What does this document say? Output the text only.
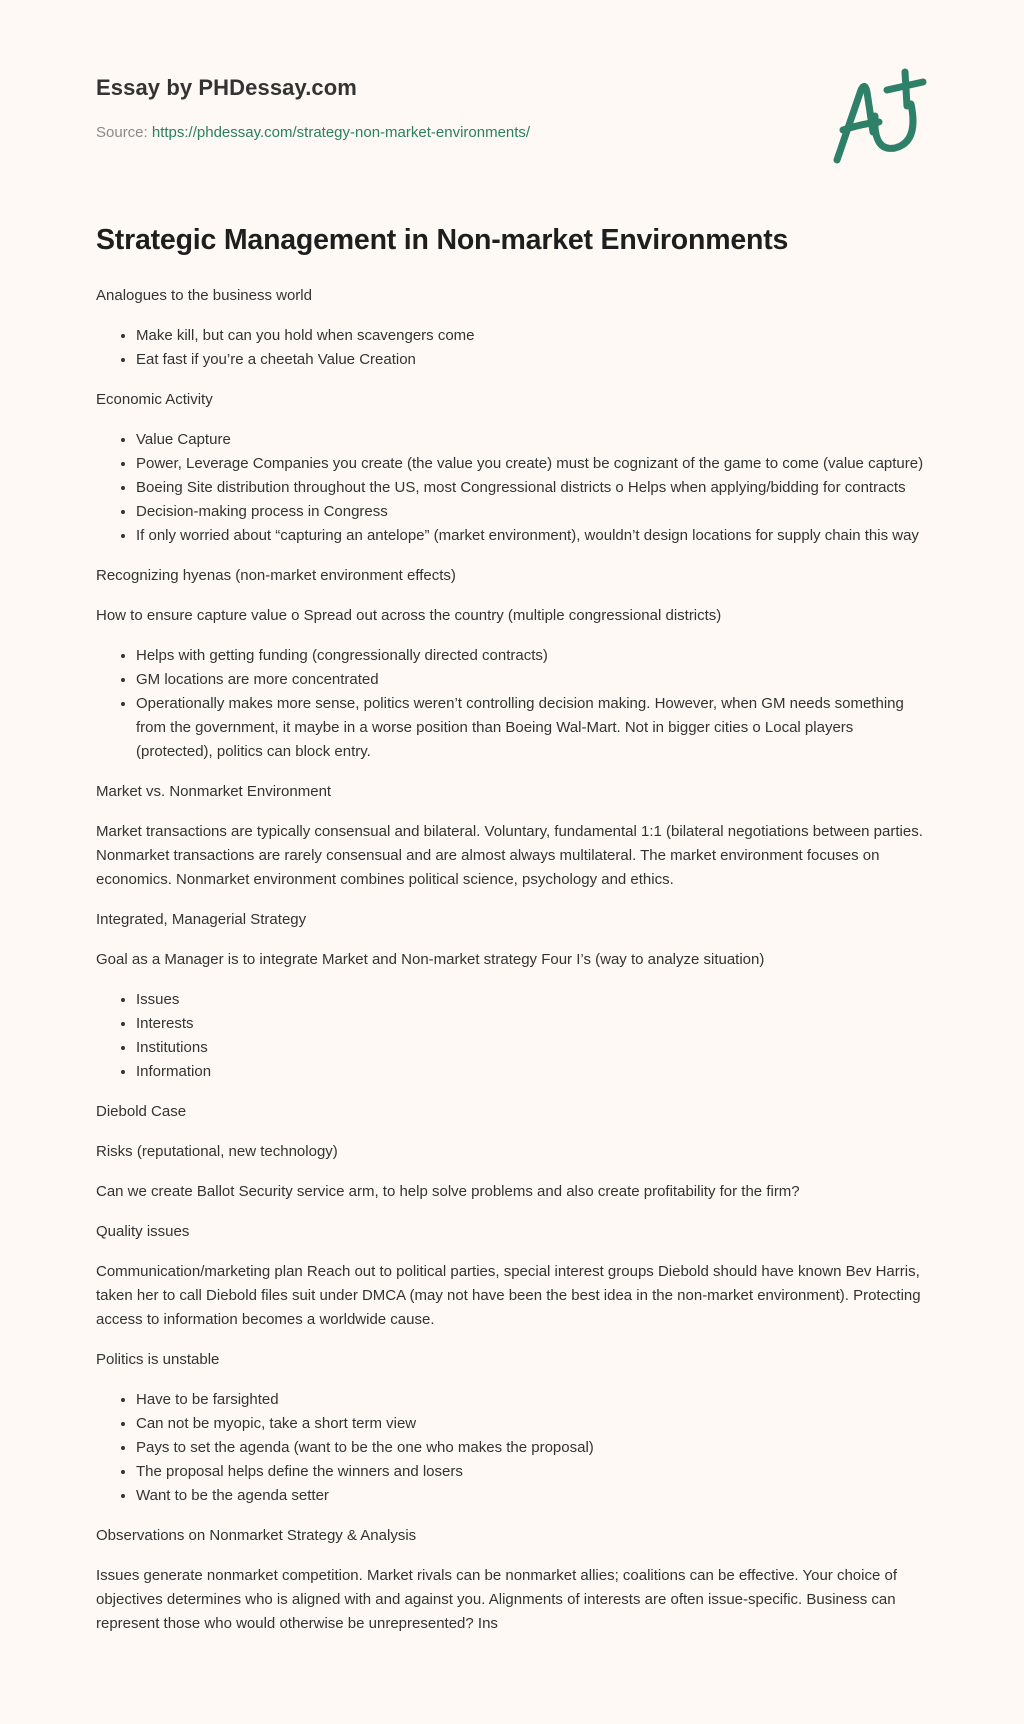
Essay by PHDessay.com
Source: https://phdessay.com/strategy-non-market-environments/
Strategic Management in Non-market Environments

Analogues to the business world

• Make kill, but can you hold when scavengers come
• Eat fast if you’re a cheetah Value Creation

Economic Activity

• Value Capture
• Power, Leverage Companies you create (the value you create) must be cognizant of the game to come (value capture)
• Boeing Site distribution throughout the US, most Congressional districts o Helps when applying/bidding for contracts
• Decision-making process in Congress
• If only worried about “capturing an antelope” (market environment), wouldn’t design locations for supply chain this way

Recognizing hyenas (non-market environment effects)

How to ensure capture value o Spread out across the country (multiple congressional districts)

• Helps with getting funding (congressionally directed contracts)
• GM locations are more concentrated
• Operationally makes more sense, politics weren’t controlling decision making. However, when GM needs something from the government, it maybe in a worse position than Boeing Wal-Mart. Not in bigger cities o Local players (protected), politics can block entry.

Market vs. Nonmarket Environment

Market transactions are typically consensual and bilateral. Voluntary, fundamental 1:1 (bilateral negotiations between parties. Nonmarket transactions are rarely consensual and are almost always multilateral. The market environment focuses on economics. Nonmarket environment combines political science, psychology and ethics.

Integrated, Managerial Strategy

Goal as a Manager is to integrate Market and Non-market strategy Four I’s (way to analyze situation)

• Issues
• Interests
• Institutions
• Information

Diebold Case

Risks (reputational, new technology)

Can we create Ballot Security service arm, to help solve problems and also create profitability for the firm?

Quality issues

Communication/marketing plan Reach out to political parties, special interest groups Diebold should have known Bev Harris, taken her to call Diebold files suit under DMCA (may not have been the best idea in the non-market environment). Protecting access to information becomes a worldwide cause.

Politics is unstable

• Have to be farsighted
• Can not be myopic, take a short term view
• Pays to set the agenda (want to be the one who makes the proposal)
• The proposal helps define the winners and losers
• Want to be the agenda setter

Observations on Nonmarket Strategy & Analysis

Issues generate nonmarket competition. Market rivals can be nonmarket allies; coalitions can be effective. Your choice of objectives determines who is aligned with and against you. Alignments of interests are often issue-specific. Business can represent those who would otherwise be unrepresented? Ins
